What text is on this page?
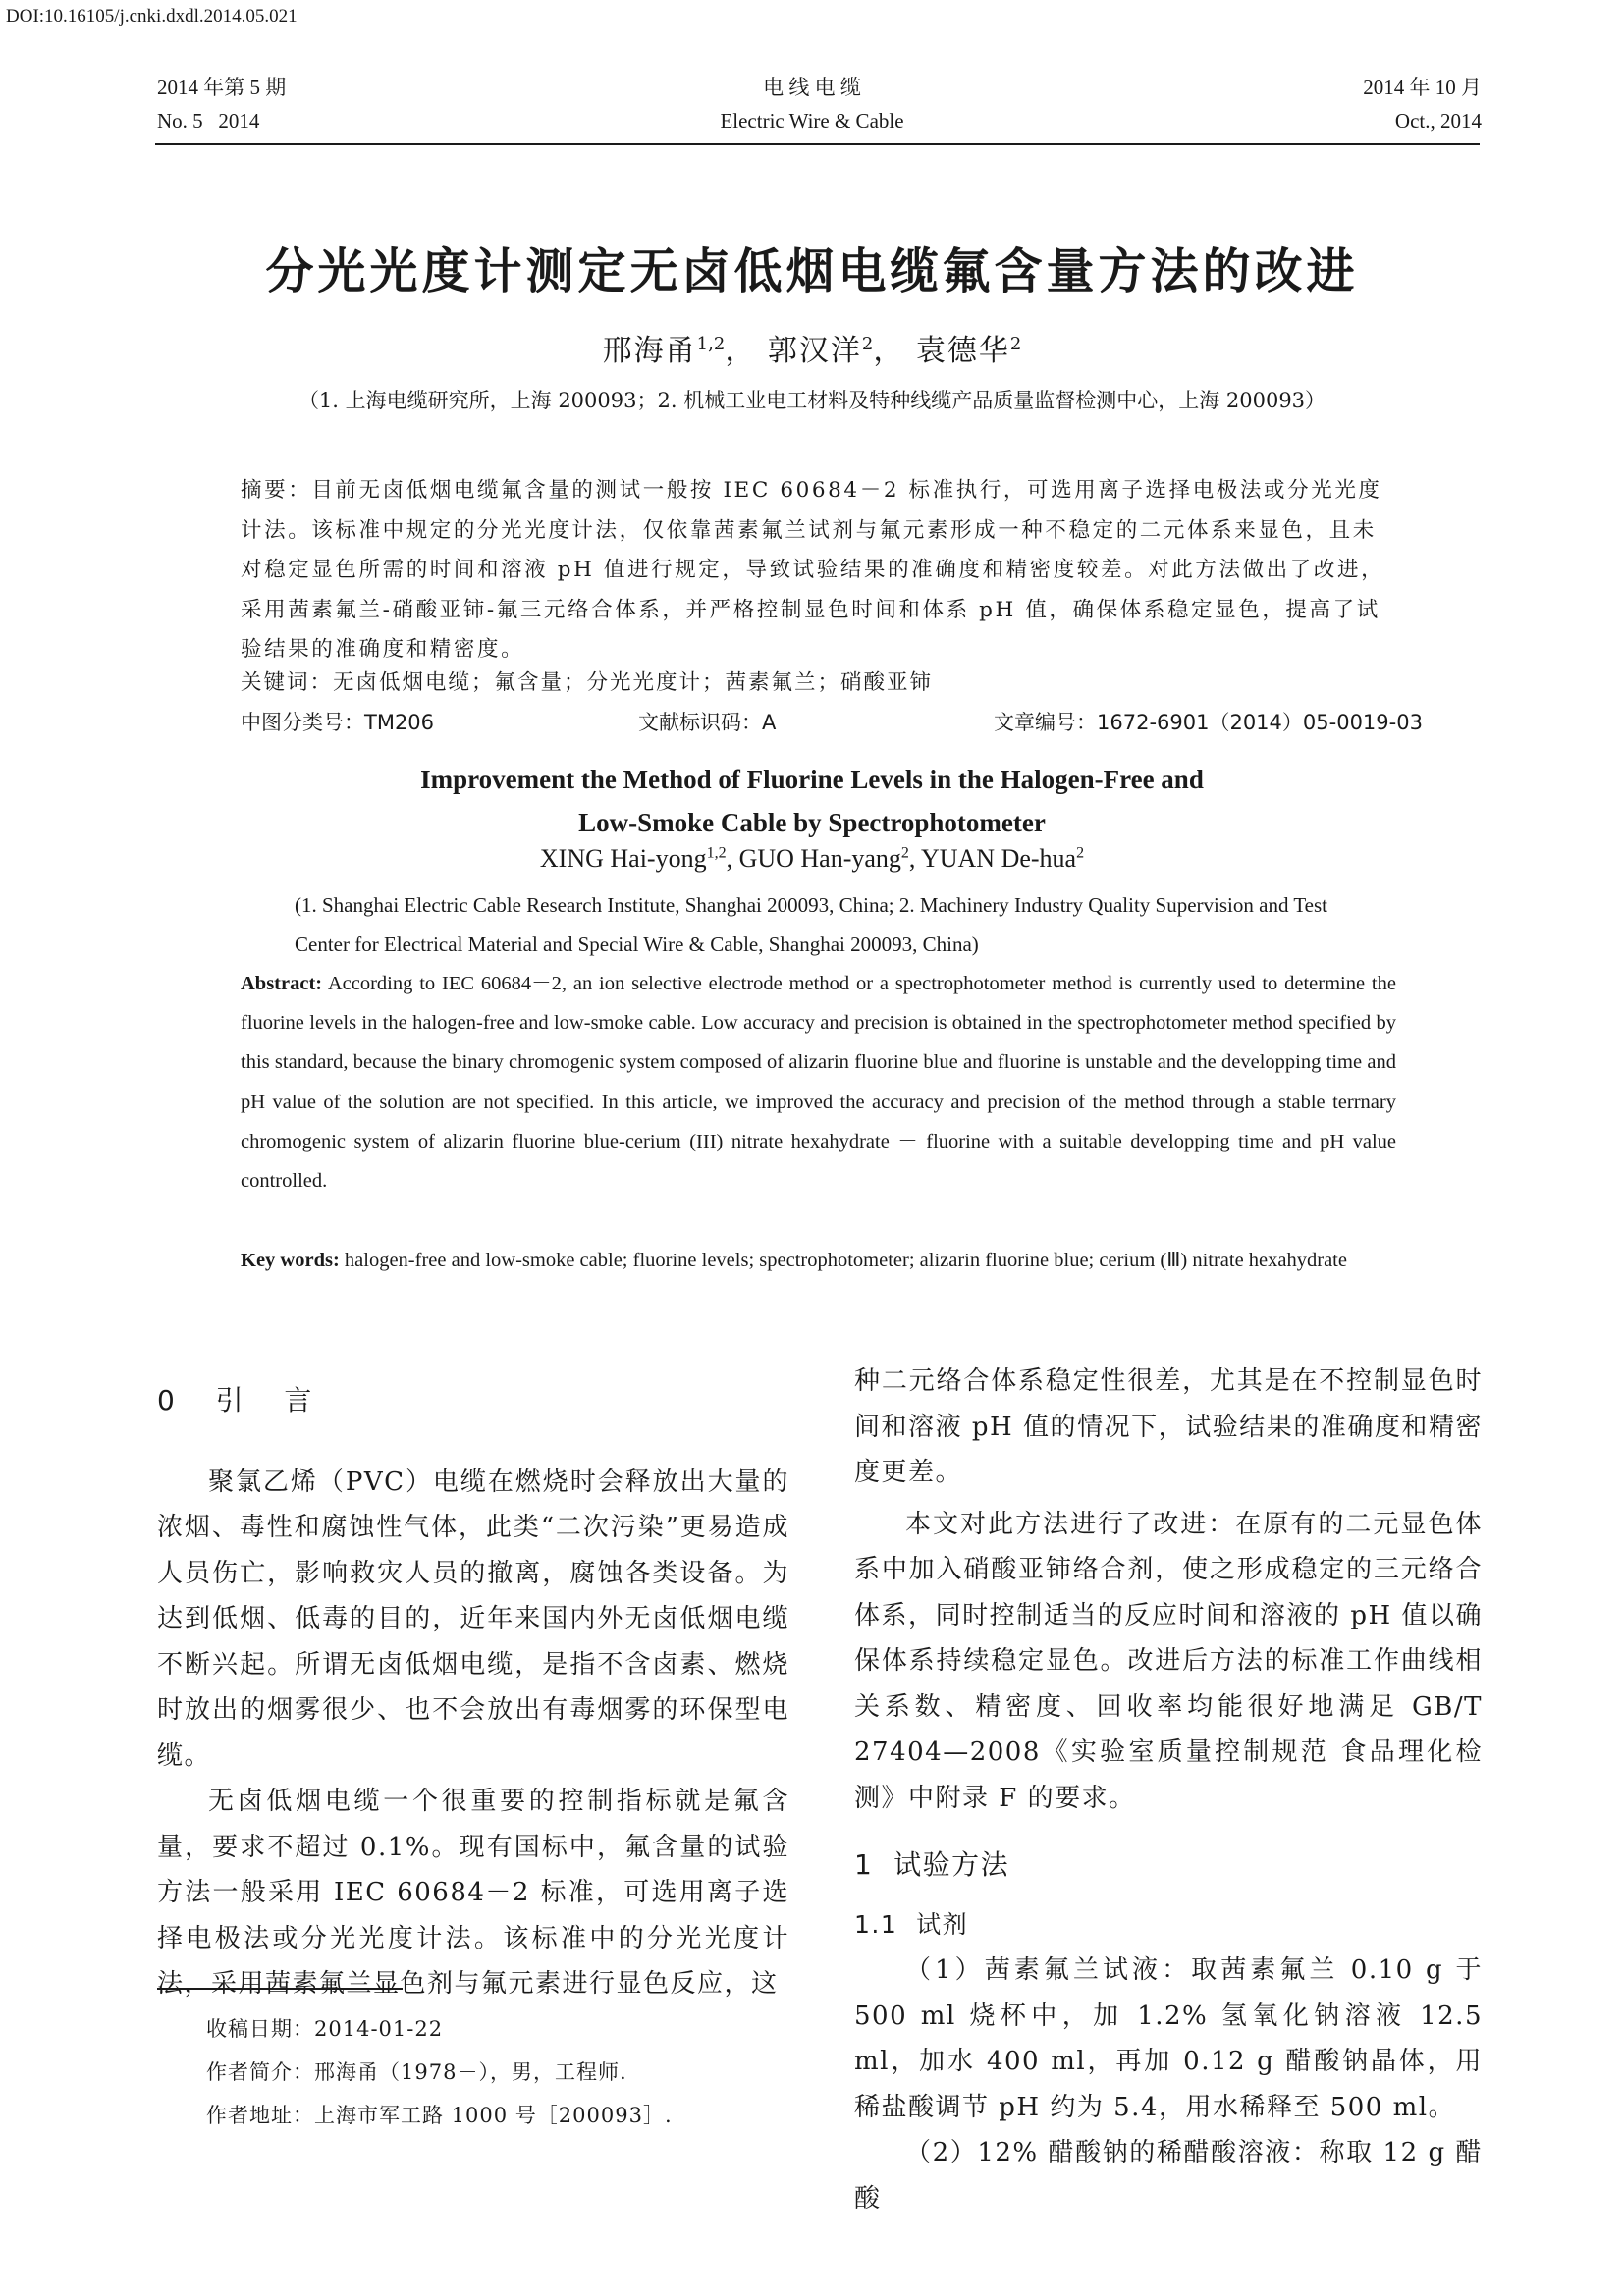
DOI:10.16105/j.cnki.dxdl.2014.05.021
2014 年第 5 期
No. 5   2014
电 线 电 缆
Electric Wire & Cable
2014 年 10 月
Oct., 2014
分光光度计测定无卤低烟电缆氟含量方法的改进
邢海甬$^{1,2}$， 郭汉洋$^2$， 袁德华$^2$
（1. 上海电缆研究所，上海 200093；2. 机械工业电工材料及特种线缆产品质量监督检测中心，上海 200093）
摘要：目前无卤低烟电缆氟含量的测试一般按 IEC 60684－2 标准执行，可选用离子选择电极法或分光光度计法。该标准中规定的分光光度计法，仅依靠茜素氟兰试剂与氟元素形成一种不稳定的二元体系来显色，且未对稳定显色所需的时间和溶液 pH 值进行规定，导致试验结果的准确度和精密度较差。对此方法做出了改进，采用茜素氟兰-硝酸亚铈-氟三元络合体系，并严格控制显色时间和体系 pH 值，确保体系稳定显色，提高了试验结果的准确度和精密度。
关键词：无卤低烟电缆；氟含量；分光光度计；茜素氟兰；硝酸亚铈
中图分类号：TM206	文献标识码：A	文章编号：1672-6901（2014）05-0019-03
Improvement the Method of Fluorine Levels in the Halogen-Free and
Low-Smoke Cable by Spectrophotometer
XING Hai-yong$^{1,2}$, GUO Han-yang$^2$, YUAN De-hua$^2$
(1. Shanghai Electric Cable Research Institute, Shanghai 200093, China; 2. Machinery Industry Quality Supervision and Test Center for Electrical Material and Special Wire & Cable, Shanghai 200093, China)
Abstract: According to IEC 60684－2, an ion selective electrode method or a spectrophotometer method is currently used to determine the fluorine levels in the halogen-free and low-smoke cable. Low accuracy and precision is obtained in the spectrophotometer method specified by this standard, because the binary chromogenic system composed of alizarin fluorine blue and fluorine is unstable and the developping time and pH value of the solution are not specified. In this article, we improved the accuracy and precision of the method through a stable terrnary chromogenic system of alizarin fluorine blue-cerium (III) nitrate hexahydrate － fluorine with a suitable developping time and pH value controlled.
Key words: halogen-free and low-smoke cable; fluorine levels; spectrophotometer; alizarin fluorine blue; cerium (Ⅲ) nitrate hexahydrate
0  引  言

聚氯乙烯（PVC）电缆在燃烧时会释放出大量的浓烟、毒性和腐蚀性气体，此类“二次污染”更易造成人员伤亡，影响救灾人员的撤离，腐蚀各类设备。为达到低烟、低毒的目的，近年来国内外无卤低烟电缆不断兴起。所谓无卤低烟电缆，是指不含卤素、燃烧时放出的烟雾很少、也不会放出有毒烟雾的环保型电缆。

无卤低烟电缆一个很重要的控制指标就是氟含量，要求不超过 0.1%。现有国标中，氟含量的试验方法一般采用 IEC 60684－2 标准，可选用离子选择电极法或分光光度计法。该标准中的分光光度计法，采用茜素氟兰显色剂与氟元素进行显色反应，这

种二元络合体系稳定性很差，尤其是在不控制显色时间和溶液 pH 值的情况下，试验结果的准确度和精密度更差。

本文对此方法进行了改进：在原有的二元显色体系中加入硝酸亚铈络合剂，使之形成稳定的三元络合体系，同时控制适当的反应时间和溶液的 pH 值以确保体系持续稳定显色。改进后方法的标准工作曲线相关系数、精密度、回收率均能很好地满足 GB/T 27404—2008《实验室质量控制规范 食品理化检测》中附录 F 的要求。

1  试验方法
1.1  试剂

（1）茜素氟兰试液：取茜素氟兰 0.10 g 于 500 ml 烧杯中，加 1.2% 氢氧化钠溶液 12.5 ml，加水 400 ml，再加 0.12 g 醋酸钠晶体，用稀盐酸调节 pH 约为 5.4，用水稀释至 500 ml。

（2）12% 醋酸钠的稀醋酸溶液：称取 12 g 醋酸

收稿日期：2014-01-22
作者简介：邢海甬（1978－），男，工程师.
作者地址：上海市军工路 1000 号［200093］.
